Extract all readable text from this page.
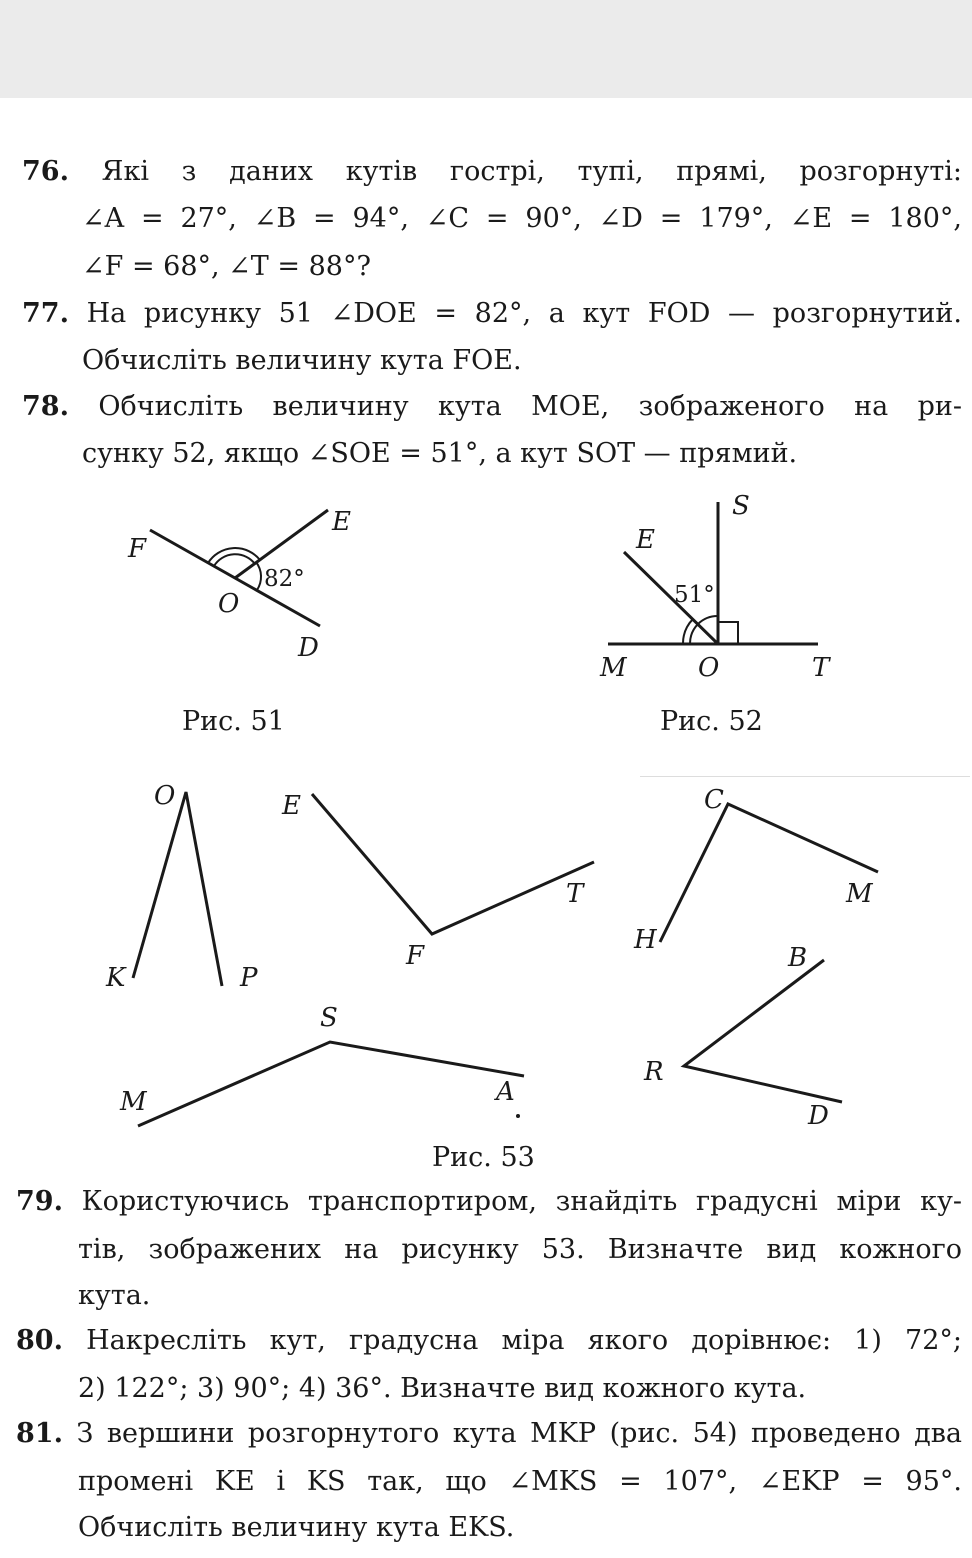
76. Які з даних кутів гострі, тупі, прямі, розгорнуті:
∠A = 27°, ∠B = 94°, ∠C = 90°, ∠D = 179°, ∠E = 180°,
∠F = 68°, ∠T = 88°?
77. На рисунку 51 ∠DOE = 82°, а кут FOD — розгорнутий.
Обчисліть величину кута FOE.
78. Обчисліть величину кута MOE, зображеного на ри-
сунку 52, якщо ∠SOE = 51°, а кут SOT — прямий.
F
E
O
D
82°
Рис. 51
S
E
M	O	T
51°
Рис. 52
O
K	P
E
F
T
C
H
M
S
M	A
B
R
D
Рис. 53
79. Користуючись транспортиром, знайдіть градусні міри ку-
тів, зображених на рисунку 53. Визначте вид кожного
кута.
80. Накресліть кут, градусна міра якого дорівнює: 1) 72°;
2) 122°; 3) 90°; 4) 36°. Визначте вид кожного кута.
81. З вершини розгорнутого кута MKP (рис. 54) проведено два
промені KE і KS так, що ∠MKS = 107°, ∠EKP = 95°.
Обчисліть величину кута EKS.
